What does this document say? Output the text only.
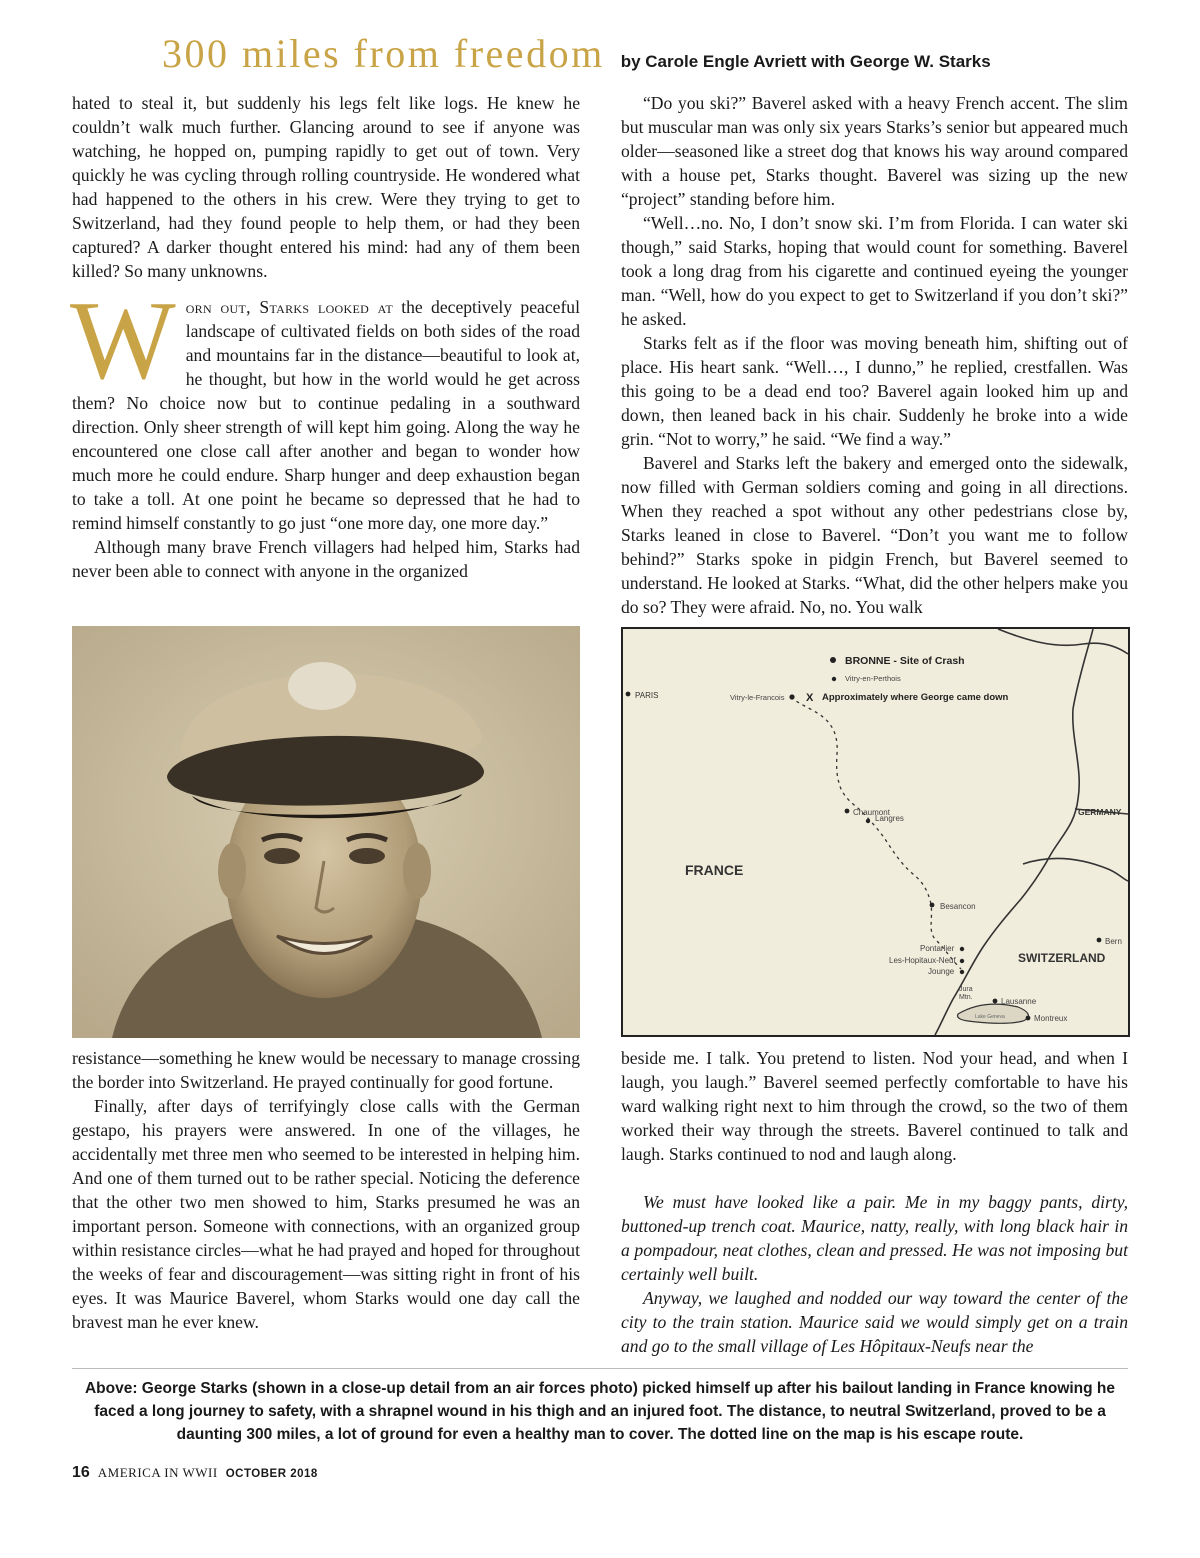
300 miles from freedom by Carole Engle Avriett with George W. Starks

hated to steal it, but suddenly his legs felt like logs. He knew he couldn’t walk much further. Glancing around to see if anyone was watching, he hopped on, pumping rapidly to get out of town. Very quickly he was cycling through rolling countryside. He wondered what had happened to the others in his crew. Were they trying to get to Switzerland, had they found people to help them, or had they been captured? A darker thought entered his mind: had any of them been killed? So many unknowns.

Worn out, Starks looked at the deceptively peaceful landscape of cultivated fields on both sides of the road and mountains far in the distance—beautiful to look at, he thought, but how in the world would he get across them? No choice now but to continue pedaling in a southward direction. Only sheer strength of will kept him going. Along the way he encountered one close call after another and began to wonder how much more he could endure. Sharp hunger and deep exhaustion began to take a toll. At one point he became so depressed that he had to remind himself constantly to go just “one more day, one more day.”

Although many brave French villagers had helped him, Starks had never been able to connect with anyone in the organized

resistance—something he knew would be necessary to manage crossing the border into Switzerland. He prayed continually for good fortune.

Finally, after days of terrifyingly close calls with the German gestapo, his prayers were answered. In one of the villages, he accidentally met three men who seemed to be interested in helping him. And one of them turned out to be rather special. Noticing the deference that the other two men showed to him, Starks presumed he was an important person. Someone with connections, with an organized group within resistance circles—what he had prayed and hoped for throughout the weeks of fear and discouragement—was sitting right in front of his eyes. It was Maurice Baverel, whom Starks would one day call the bravest man he ever knew.

“Do you ski?” Baverel asked with a heavy French accent. The slim but muscular man was only six years Starks’s senior but appeared much older—seasoned like a street dog that knows his way around compared with a house pet, Starks thought. Baverel was sizing up the new “project” standing before him.

“Well…no. No, I don’t snow ski. I’m from Florida. I can water ski though,” said Starks, hoping that would count for something. Baverel took a long drag from his cigarette and continued eyeing the younger man. “Well, how do you expect to get to Switzerland if you don’t ski?” he asked.

Starks felt as if the floor was moving beneath him, shifting out of place. His heart sank. “Well…, I dunno,” he replied, crestfallen. Was this going to be a dead end too? Baverel again looked him up and down, then leaned back in his chair. Suddenly he broke into a wide grin. “Not to worry,” he said. “We find a way.”

Baverel and Starks left the bakery and emerged onto the sidewalk, now filled with German soldiers coming and going in all directions. When they reached a spot without any other pedestrians close by, Starks leaned in close to Baverel. “Don’t you want me to follow behind?” Starks spoke in pidgin French, but Baverel seemed to understand. He looked at Starks. “What, did the other helpers make you do so? They were afraid. No, no. You walk

BRONNE - Site of Crash
Vitry-en-Perthois
Vitry-le-Francois X Approximately where George came down
PARIS
GERMANY
Chaumont
Langres
FRANCE
Besancon
Pontarlier
Les-Hopitaux-Neuf
Jounge
Jura
Mtn.
Bern
SWITZERLAND
Lausanne
Lake Geneva	Montreux

beside me. I talk. You pretend to listen. Nod your head, and when I laugh, you laugh.” Baverel seemed perfectly comfortable to have his ward walking right next to him through the crowd, so the two of them worked their way through the streets. Baverel continued to talk and laugh. Starks continued to nod and laugh along.

We must have looked like a pair. Me in my baggy pants, dirty, buttoned-up trench coat. Maurice, natty, really, with long black hair in a pompadour, neat clothes, clean and pressed. He was not imposing but certainly well built.

Anyway, we laughed and nodded our way toward the center of the city to the train station. Maurice said we would simply get on a train and go to the small village of Les Hôpitaux-Neufs near the

Above: George Starks (shown in a close-up detail from an air forces photo) picked himself up after his bailout landing in France knowing he faced a long journey to safety, with a shrapnel wound in his thigh and an injured foot. The distance, to neutral Switzerland, proved to be a daunting 300 miles, a lot of ground for even a healthy man to cover. The dotted line on the map is his escape route.
16 AMERICA IN WWII OCTOBER 2018
